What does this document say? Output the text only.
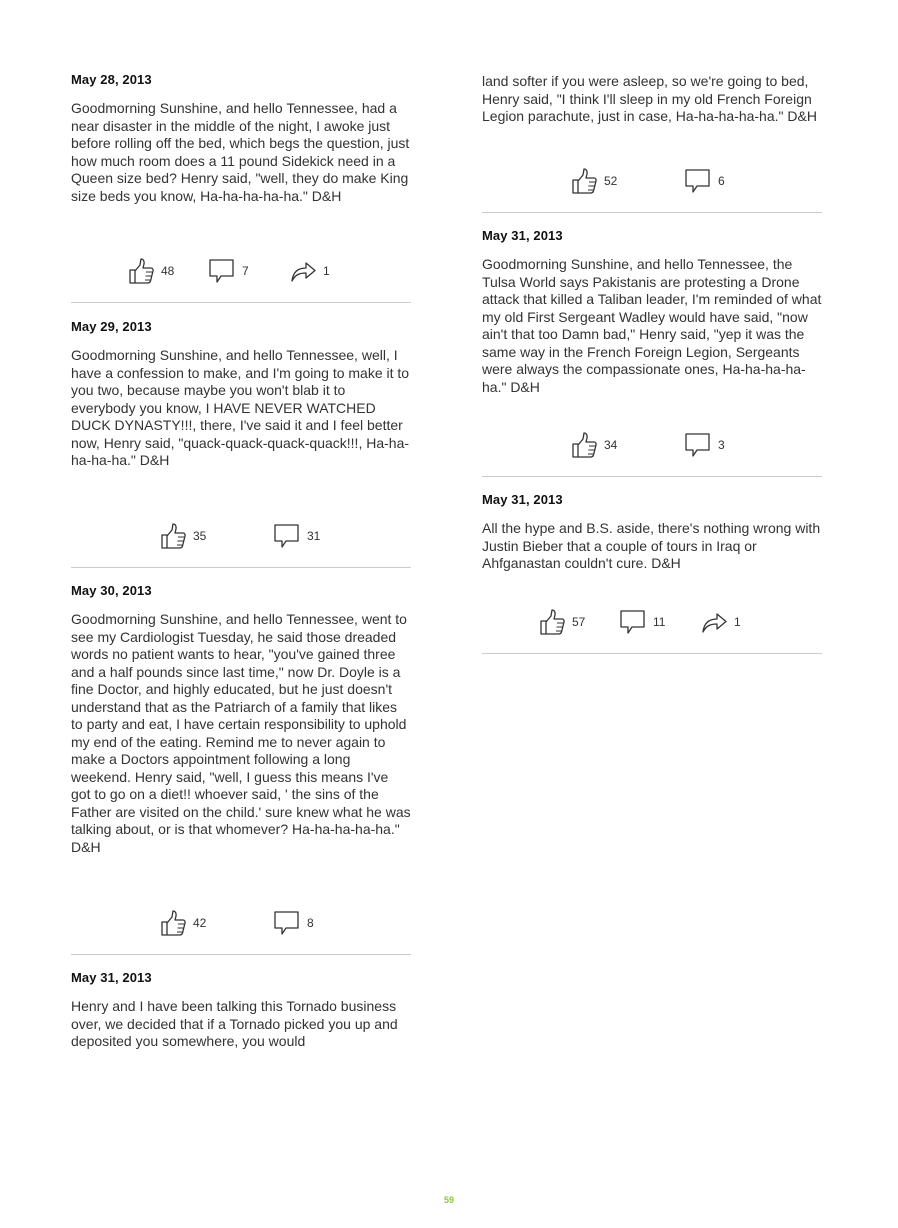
May 28, 2013
Goodmorning Sunshine, and hello Tennessee, had a near disaster in the middle of the night, I awoke just before rolling off the bed, which begs the question, just how much room does a 11 pound Sidekick need in a Queen size bed? Henry said, "well, they do make King size beds you know, Ha-ha-ha-ha-ha." D&H
48	7	1
May 29, 2013
Goodmorning Sunshine, and hello Tennessee, well, I have a confession to make, and I'm going to make it to you two, because maybe you won't blab it to everybody you know, I HAVE NEVER WATCHED DUCK DYNASTY!!!, there, I've said it and I feel better now, Henry said, "quack-quack-quack-quack!!!, Ha-ha-ha-ha-ha." D&H
35	31
May 30, 2013
Goodmorning Sunshine, and hello Tennessee, went to see my Cardiologist Tuesday, he said those dreaded words no patient wants to hear, "you've gained three and a half pounds since last time," now Dr. Doyle is a fine Doctor, and highly educated, but he just doesn't understand that as the Patriarch of a family that likes to party and eat, I have certain responsibility to uphold my end of the eating. Remind me to never again to make a Doctors appointment following a long weekend. Henry said, "well, I guess this means I've got to go on a diet!! whoever said, ' the sins of the Father are visited on the child.' sure knew what he was talking about, or is that whomever? Ha-ha-ha-ha-ha." D&H
42	8
May 31, 2013
Henry and I have been talking this Tornado business over, we decided that if a Tornado picked you up and deposited you somewhere, you would
land softer if you were asleep, so we're going to bed, Henry said, "I think I'll sleep in my old French Foreign Legion parachute, just in case, Ha-ha-ha-ha-ha." D&H
52	6
May 31, 2013
Goodmorning Sunshine, and hello Tennessee, the Tulsa World says Pakistanis are protesting a Drone attack that killed a Taliban leader, I'm reminded of what my old First Sergeant Wadley would have said, "now ain't that too Damn bad," Henry said, "yep it was the same way in the French Foreign Legion, Sergeants were always the compassionate ones, Ha-ha-ha-ha-ha." D&H
34	3
May 31, 2013
All the hype and B.S. aside, there's nothing wrong with Justin Bieber that a couple of tours in Iraq or Ahfganastan couldn't cure. D&H
57	11	1
59
